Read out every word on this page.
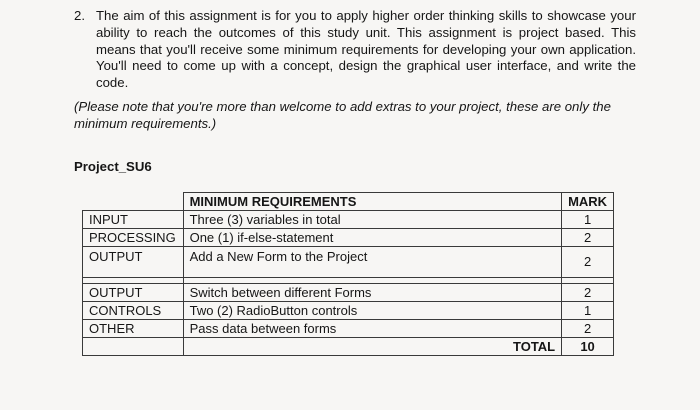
2. The aim of this assignment is for you to apply higher order thinking skills to showcase your ability to reach the outcomes of this study unit. This assignment is project based. This means that you'll receive some minimum requirements for developing your own application. You'll need to come up with a concept, design the graphical user interface, and write the code.
(Please note that you're more than welcome to add extras to your project, these are only the minimum requirements.)
Project_SU6
	MINIMUM REQUIREMENTS	MARK
INPUT	Three (3) variables in total	1
PROCESSING	One (1) if-else-statement	2
OUTPUT	Add a New Form to the Project	2

OUTPUT	Switch between different Forms	2
CONTROLS	Two (2) RadioButton controls	1
OTHER	Pass data between forms	2
	TOTAL	10
